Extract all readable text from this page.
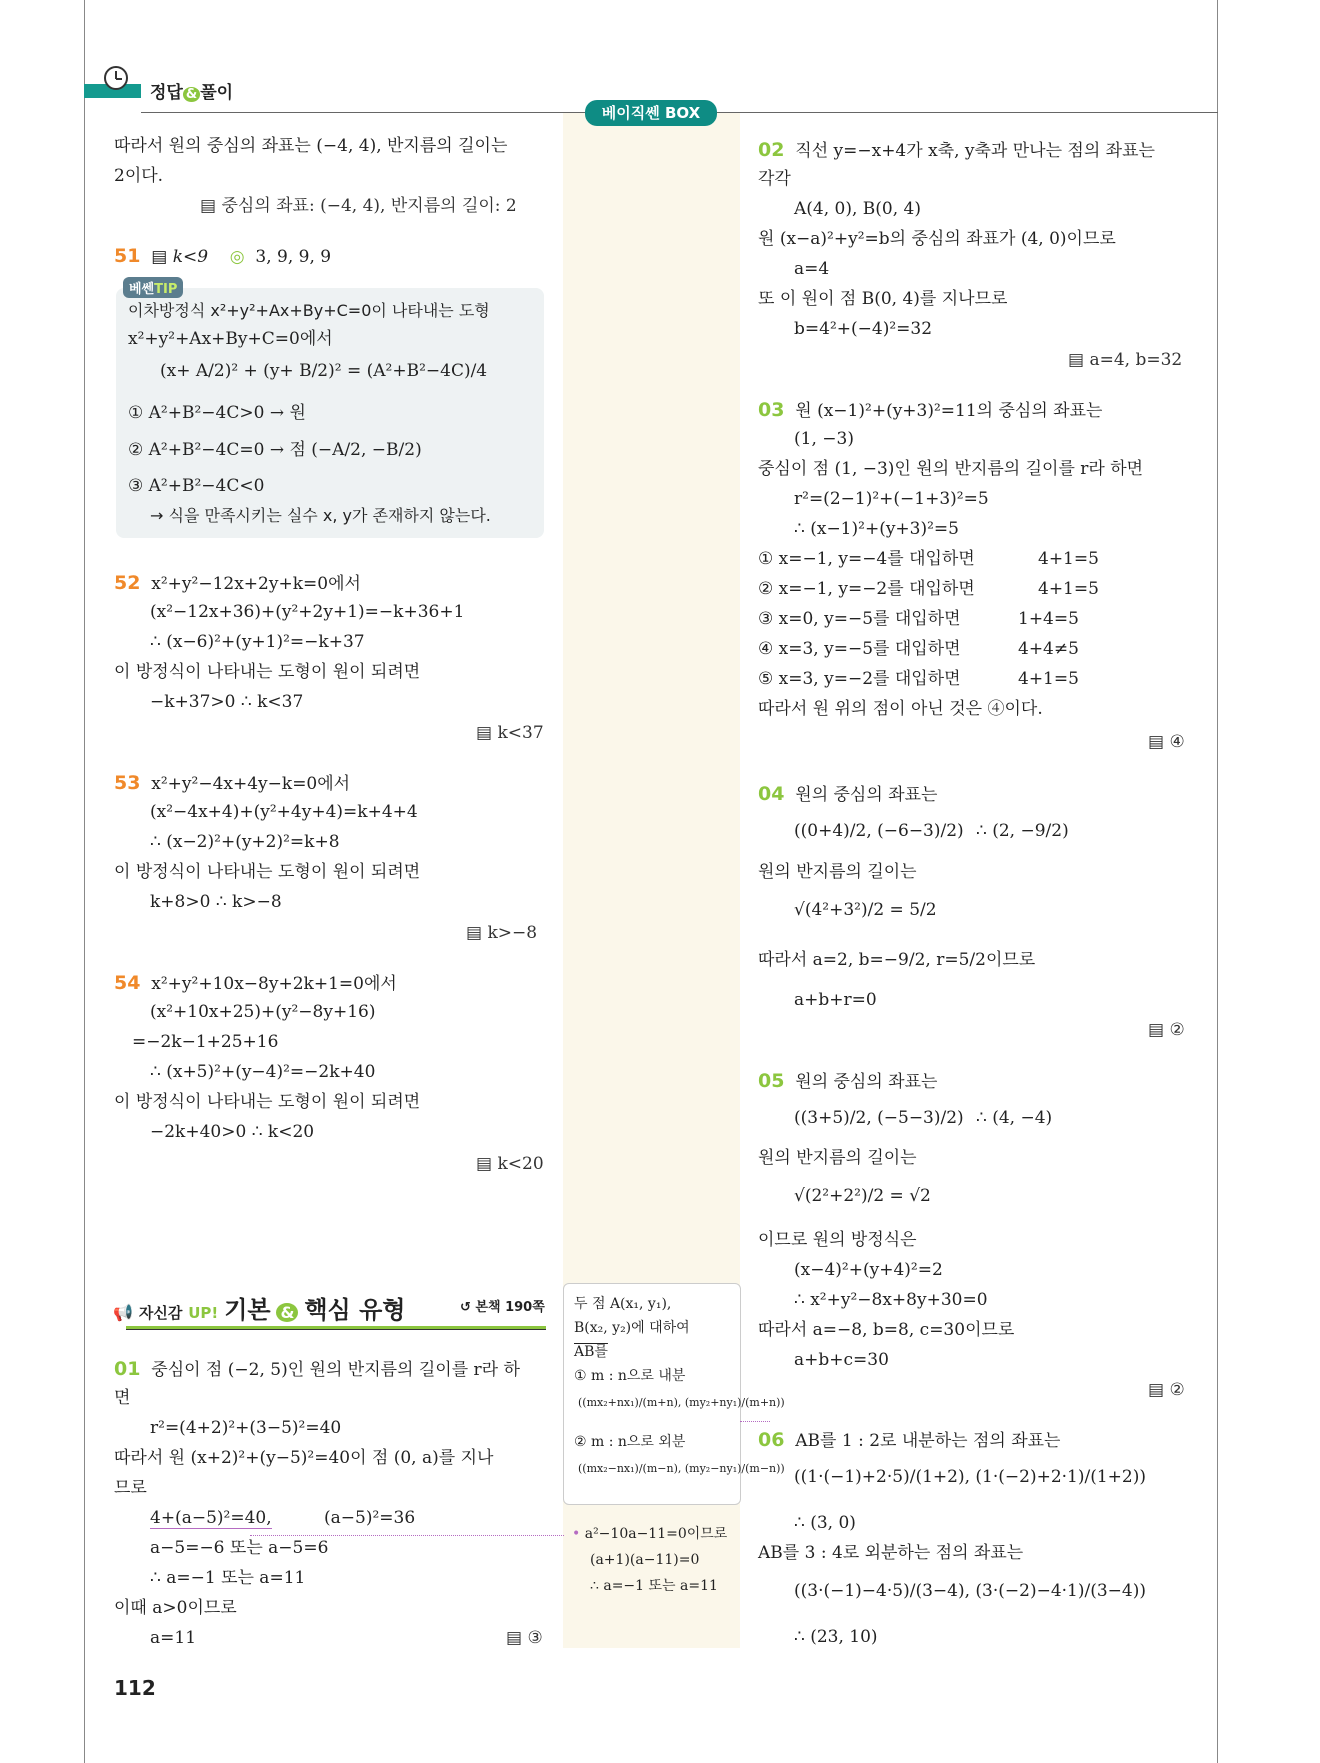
정답 & 풀이
베이직쎈 BOX
따라서 원의 중심의 좌표는 (−4, 4), 반지름의 길이는
2이다.
▤ 중심의 좌표: (−4, 4), 반지름의 길이: 2
51 ▤ k<9 ◎ 3, 9, 9, 9
베쎈TIP
이차방정식 x²+y²+Ax+By+C=0이 나타내는 도형
x²+y²+Ax+By+C=0에서
(x+ A/2)² + (y+ B/2)² = (A²+B²−4C)/4
① A²+B²−4C>0 → 원
② A²+B²−4C=0 → 점 (−A/2, −B/2)
③ A²+B²−4C<0
→ 식을 만족시키는 실수 x, y가 존재하지 않는다.
52 x²+y²−12x+2y+k=0에서
(x²−12x+36)+(y²+2y+1)=−k+36+1
∴ (x−6)²+(y+1)²=−k+37
이 방정식이 나타내는 도형이 원이 되려면
−k+37>0 ∴ k<37
▤ k<37
53 x²+y²−4x+4y−k=0에서
(x²−4x+4)+(y²+4y+4)=k+4+4
∴ (x−2)²+(y+2)²=k+8
이 방정식이 나타내는 도형이 원이 되려면
k+8>0 ∴ k>−8
▤ k>−8
54 x²+y²+10x−8y+2k+1=0에서
(x²+10x+25)+(y²−8y+16)
=−2k−1+25+16
∴ (x+5)²+(y−4)²=−2k+40
이 방정식이 나타내는 도형이 원이 되려면
−2k+40>0 ∴ k<20
▤ k<20
📢 자신감 UP! 기본 & 핵심 유형	↺ 본책 190쪽
01 중심이 점 (−2, 5)인 원의 반지름의 길이를 r라 하
면
r²=(4+2)²+(3−5)²=40
따라서 원 (x+2)²+(y−5)²=40이 점 (0, a)를 지나
므로
4+(a−5)²=40,	(a−5)²=36
a−5=−6 또는 a−5=6
∴ a=−1 또는 a=11
이때 a>0이므로
a=11	▤ ③
112
두 점 A(x₁, y₁),
B(x₂, y₂)에 대하여
AB를
① m : n으로 내분
((mx₂+nx₁)/(m+n), (my₂+ny₁)/(m+n))
② m : n으로 외분
((mx₂−nx₁)/(m−n), (my₂−ny₁)/(m−n))
• a²−10a−11=0이므로
(a+1)(a−11)=0
∴ a=−1 또는 a=11
02 직선 y=−x+4가 x축, y축과 만나는 점의 좌표는
각각
A(4, 0), B(0, 4)
원 (x−a)²+y²=b의 중심의 좌표가 (4, 0)이므로
a=4
또 이 원이 점 B(0, 4)를 지나므로
b=4²+(−4)²=32
▤ a=4, b=32
03 원 (x−1)²+(y+3)²=11의 중심의 좌표는
(1, −3)
중심이 점 (1, −3)인 원의 반지름의 길이를 r라 하면
r²=(2−1)²+(−1+3)²=5
∴ (x−1)²+(y+3)²=5
① x=−1, y=−4를 대입하면	4+1=5
② x=−1, y=−2를 대입하면	4+1=5
③ x=0, y=−5를 대입하면	1+4=5
④ x=3, y=−5를 대입하면	4+4≠5
⑤ x=3, y=−2를 대입하면	4+1=5
따라서 원 위의 점이 아닌 것은 ④이다.
▤ ④
04 원의 중심의 좌표는
((0+4)/2, (−6−3)/2) ∴ (2, −9/2)
원의 반지름의 길이는
√(4²+3²)/2 = 5/2
따라서 a=2, b=−9/2, r=5/2이므로
a+b+r=0
▤ ②
05 원의 중심의 좌표는
((3+5)/2, (−5−3)/2) ∴ (4, −4)
원의 반지름의 길이는
√(2²+2²)/2 = √2
이므로 원의 방정식은
(x−4)²+(y+4)²=2
∴ x²+y²−8x+8y+30=0
따라서 a=−8, b=8, c=30이므로
a+b+c=30
▤ ②
06 AB를 1 : 2로 내분하는 점의 좌표는
((1·(−1)+2·5)/(1+2), (1·(−2)+2·1)/(1+2))
∴ (3, 0)
AB를 3 : 4로 외분하는 점의 좌표는
((3·(−1)−4·5)/(3−4), (3·(−2)−4·1)/(3−4))
∴ (23, 10)
